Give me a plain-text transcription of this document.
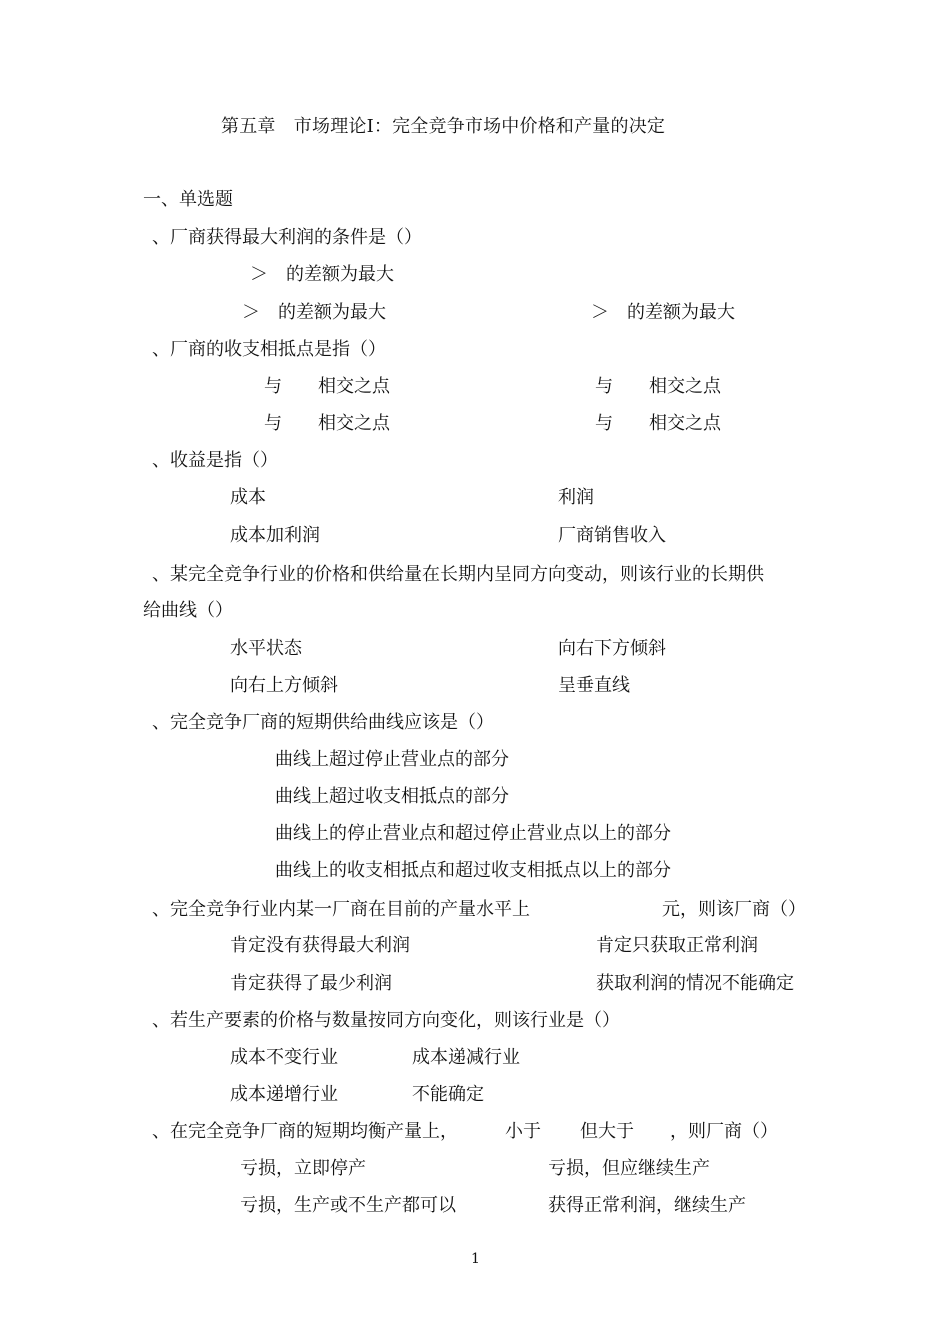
第五章　市场理论Ⅰ：完全竞争市场中价格和产量的决定
一、单选题
、厂商获得最大利润的条件是（）
＞　的差额为最大
＞　的差额为最大	＞　的差额为最大
、厂商的收支相抵点是指（）
与　　相交之点	与　　相交之点
与　　相交之点	与　　相交之点
、收益是指（）
成本	利润
成本加利润	厂商销售收入
、某完全竞争行业的价格和供给量在长期内呈同方向变动，则该行业的长期供
给曲线（）
水平状态	向右下方倾斜
向右上方倾斜	呈垂直线
、完全竞争厂商的短期供给曲线应该是（）
曲线上超过停止营业点的部分
曲线上超过收支相抵点的部分
曲线上的停止营业点和超过停止营业点以上的部分
曲线上的收支相抵点和超过收支相抵点以上的部分
、完全竞争行业内某一厂商在目前的产量水平上	元，则该厂商（）
肯定没有获得最大利润	肯定只获取正常利润
肯定获得了最少利润	获取利润的情况不能确定
、若生产要素的价格与数量按同方向变化，则该行业是（）
成本不变行业	成本递减行业
成本递增行业	不能确定
、在完全竞争厂商的短期均衡产量上，	小于 但大于 ，则厂商（）
亏损，立即停产	亏损，但应继续生产
亏损，生产或不生产都可以	获得正常利润，继续生产
1
